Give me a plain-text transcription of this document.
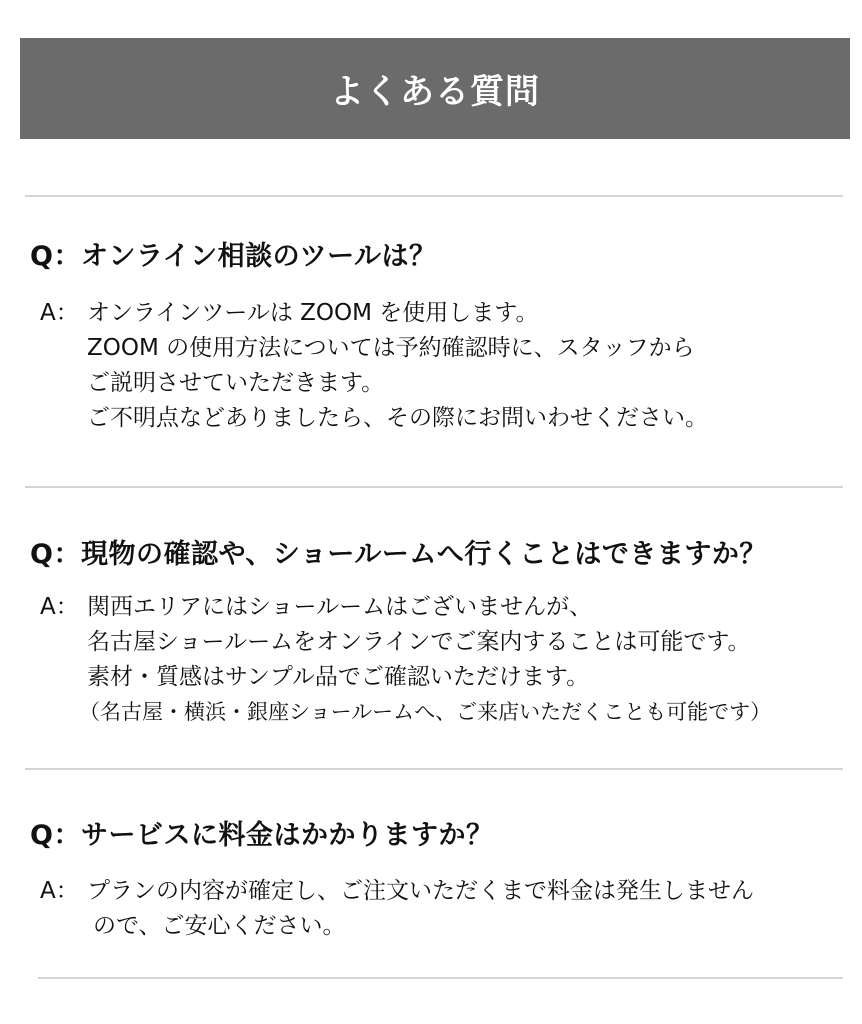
よくある質問
Q：オンライン相談のツールは？
A： オンラインツールは ZOOM を使用します。
ZOOM の使用方法については予約確認時に、スタッフから
ご説明させていただきます。
ご不明点などありましたら、その際にお問いわせください。
Q：現物の確認や、ショールームへ行くことはできますか？
A： 関西エリアにはショールームはございませんが、
名古屋ショールームをオンラインでご案内することは可能です。
素材・質感はサンプル品でご確認いただけます。
（名古屋・横浜・銀座ショールームへ、ご来店いただくことも可能です）
Q：サービスに料金はかかりますか？
A： プランの内容が確定し、ご注文いただくまで料金は発生しません
ので、ご安心ください。
